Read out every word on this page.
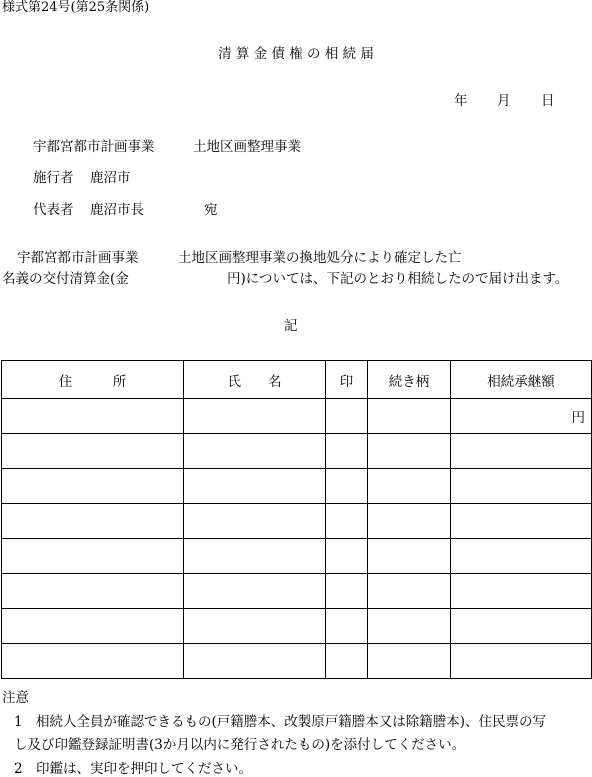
様式第24号(第25条関係)
清 算 金 債 権 の 相 続 届
年 月 日
宇都宮都市計画事業	土地区画整理事業
施行者 鹿沼市
代表者 鹿沼市長	宛
宇都宮都市計画事業	土地区画整理事業の換地処分により確定した亡
名義の交付清算金(金	円)については、下記のとおり相続したので届け出ます。
記
住　　　所	氏　　名	印	続き柄	相続承継額
				円

注意
1 相続人全員が確認できるもの(戸籍謄本、改製原戸籍謄本又は除籍謄本)、住民票の写
し及び印鑑登録証明書(3か月以内に発行されたもの)を添付してください。
2 印鑑は、実印を押印してください。
